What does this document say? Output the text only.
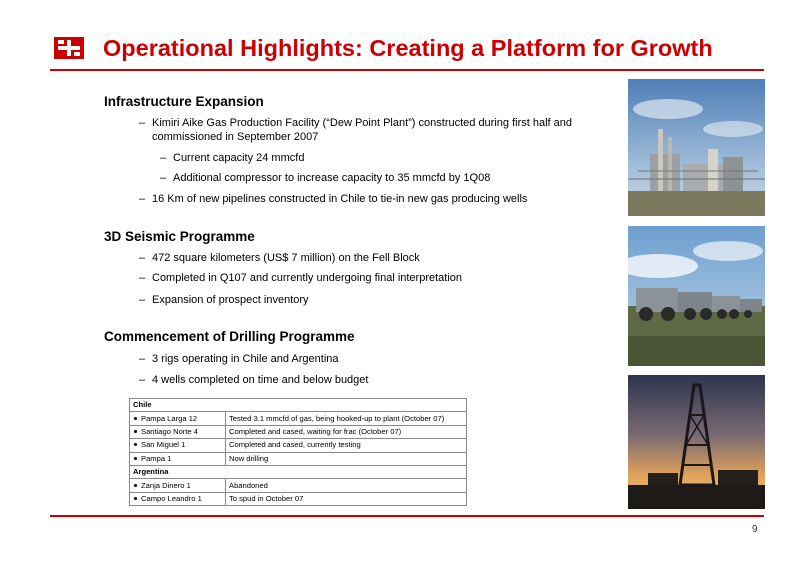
Operational Highlights: Creating a Platform for Growth
Infrastructure Expansion
– Kimiri Aike Gas Production Facility (“Dew Point Plant”) constructed during first half and commissioned in September 2007
– Current capacity 24 mmcfd
– Additional compressor to increase capacity to 35 mmcfd by 1Q08
– 16 Km of new pipelines constructed in Chile to tie-in new gas producing wells
3D Seismic Programme
– 472 square kilometers (US$ 7 million) on the Fell Block
– Completed in Q107 and currently undergoing final interpretation
– Expansion of prospect inventory
Commencement of Drilling Programme
– 3 rigs operating in Chile and Argentina
– 4 wells completed on time and below budget
Chile	
Pampa Larga 12	Tested 3.1 mmcfd of gas, being hooked-up to plant (October 07)
Santiago Norte 4	Completed and cased, waiting for frac (October 07)
San Miguel 1	Completed and cased, currently testing
Pampa 1	Now drilling
Argentina	
Zanja Dinero 1	Abandoned
Campo Leandro 1	To spud in October 07
9
